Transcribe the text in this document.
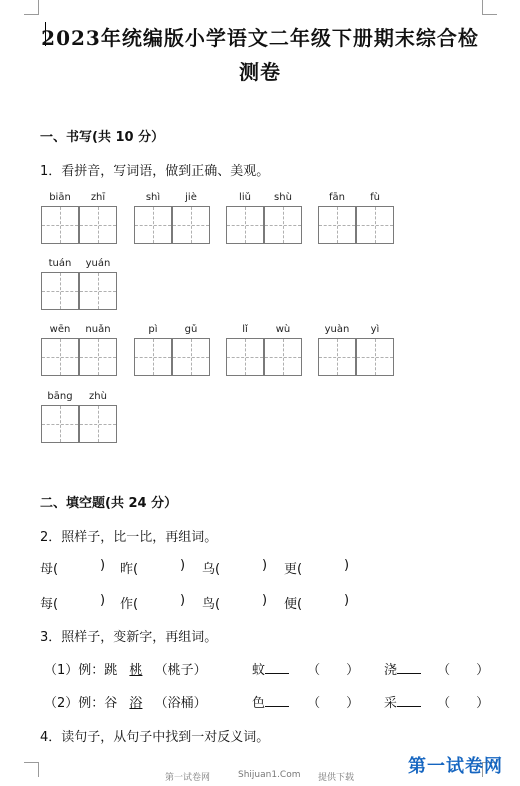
2023年统编版小学语文二年级下册期末综合检
测卷
一、书写(共 10 分）
1．看拼音，写词语，做到正确、美观。
biān	zhī	shì	jiè	liǔ	shù	fān	fù
tuán	yuán
wēn	nuǎn	pì	gǔ	lǐ	wù	yuàn	yì
bāng	zhù
二、填空题(共 24 分）
2．照样子，比一比，再组词。
母(	) 昨(	) 乌(	) 更(	)
每(	) 作(	) 鸟(	) 便(	)
3．照样子，变新字，再组词。
（1）例：跳 桃 （桃子）	蚊	（　　） 浇	（　　）
（2）例：谷 浴 （浴桶）	色	（　　） 采	（　　）
4．读句子，从句子中找到一对反义词。
第一试卷网	Shijuan1.Com 提供下载
第一试卷网
